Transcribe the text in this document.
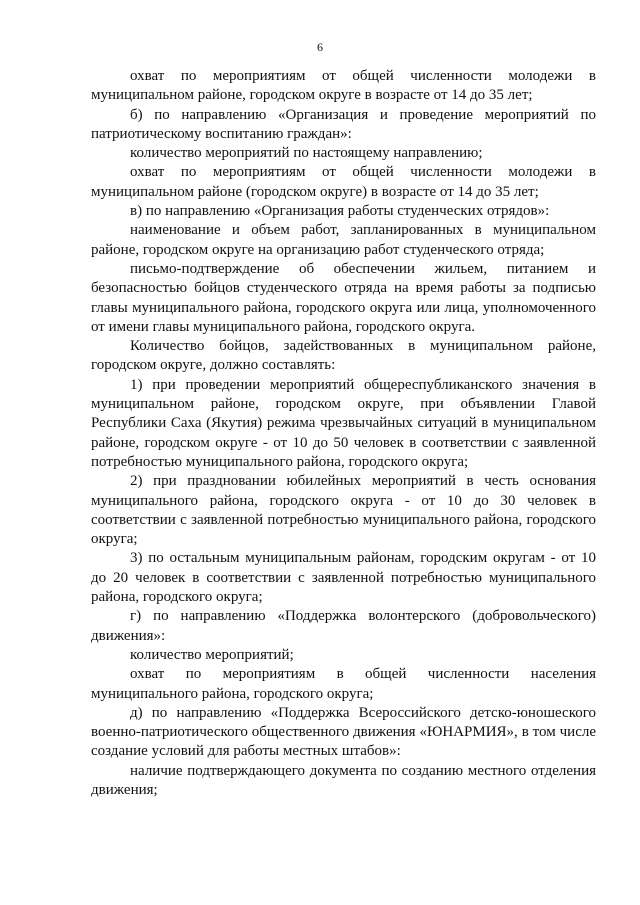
6

охват по мероприятиям от общей численности молодежи в муниципальном районе, городском округе в возрасте от 14 до 35 лет;

б) по направлению «Организация и проведение мероприятий по патриотическому воспитанию граждан»:

количество мероприятий по настоящему направлению;

охват по мероприятиям от общей численности молодежи в муниципальном районе (городском округе) в возрасте от 14 до 35 лет;

в) по направлению «Организация работы студенческих отрядов»:

наименование и объем работ, запланированных в муниципальном районе, городском округе на организацию работ студенческого отряда;

письмо-подтверждение об обеспечении жильем, питанием и безопасностью бойцов студенческого отряда на время работы за подписью главы муниципального района, городского округа или лица, уполномоченного от имени главы муниципального района, городского округа.

Количество бойцов, задействованных в муниципальном районе, городском округе, должно составлять:

1) при проведении мероприятий общереспубликанского значения в муниципальном районе, городском округе, при объявлении Главой Республики Саха (Якутия) режима чрезвычайных ситуаций в муниципальном районе, городском округе - от 10 до 50 человек в соответствии с заявленной потребностью муниципального района, городского округа;

2) при праздновании юбилейных мероприятий в честь основания муниципального района, городского округа - от 10 до 30 человек в соответствии с заявленной потребностью муниципального района, городского округа;

3) по остальным муниципальным районам, городским округам - от 10 до 20 человек в соответствии с заявленной потребностью муниципального района, городского округа;

г) по направлению «Поддержка волонтерского (добровольческого) движения»:

количество мероприятий;

охват по мероприятиям в общей численности населения муниципального района, городского округа;

д) по направлению «Поддержка Всероссийского детско-юношеского военно-патриотического общественного движения «ЮНАРМИЯ», в том числе создание условий для работы местных штабов»:

наличие подтверждающего документа по созданию местного отделения движения;
